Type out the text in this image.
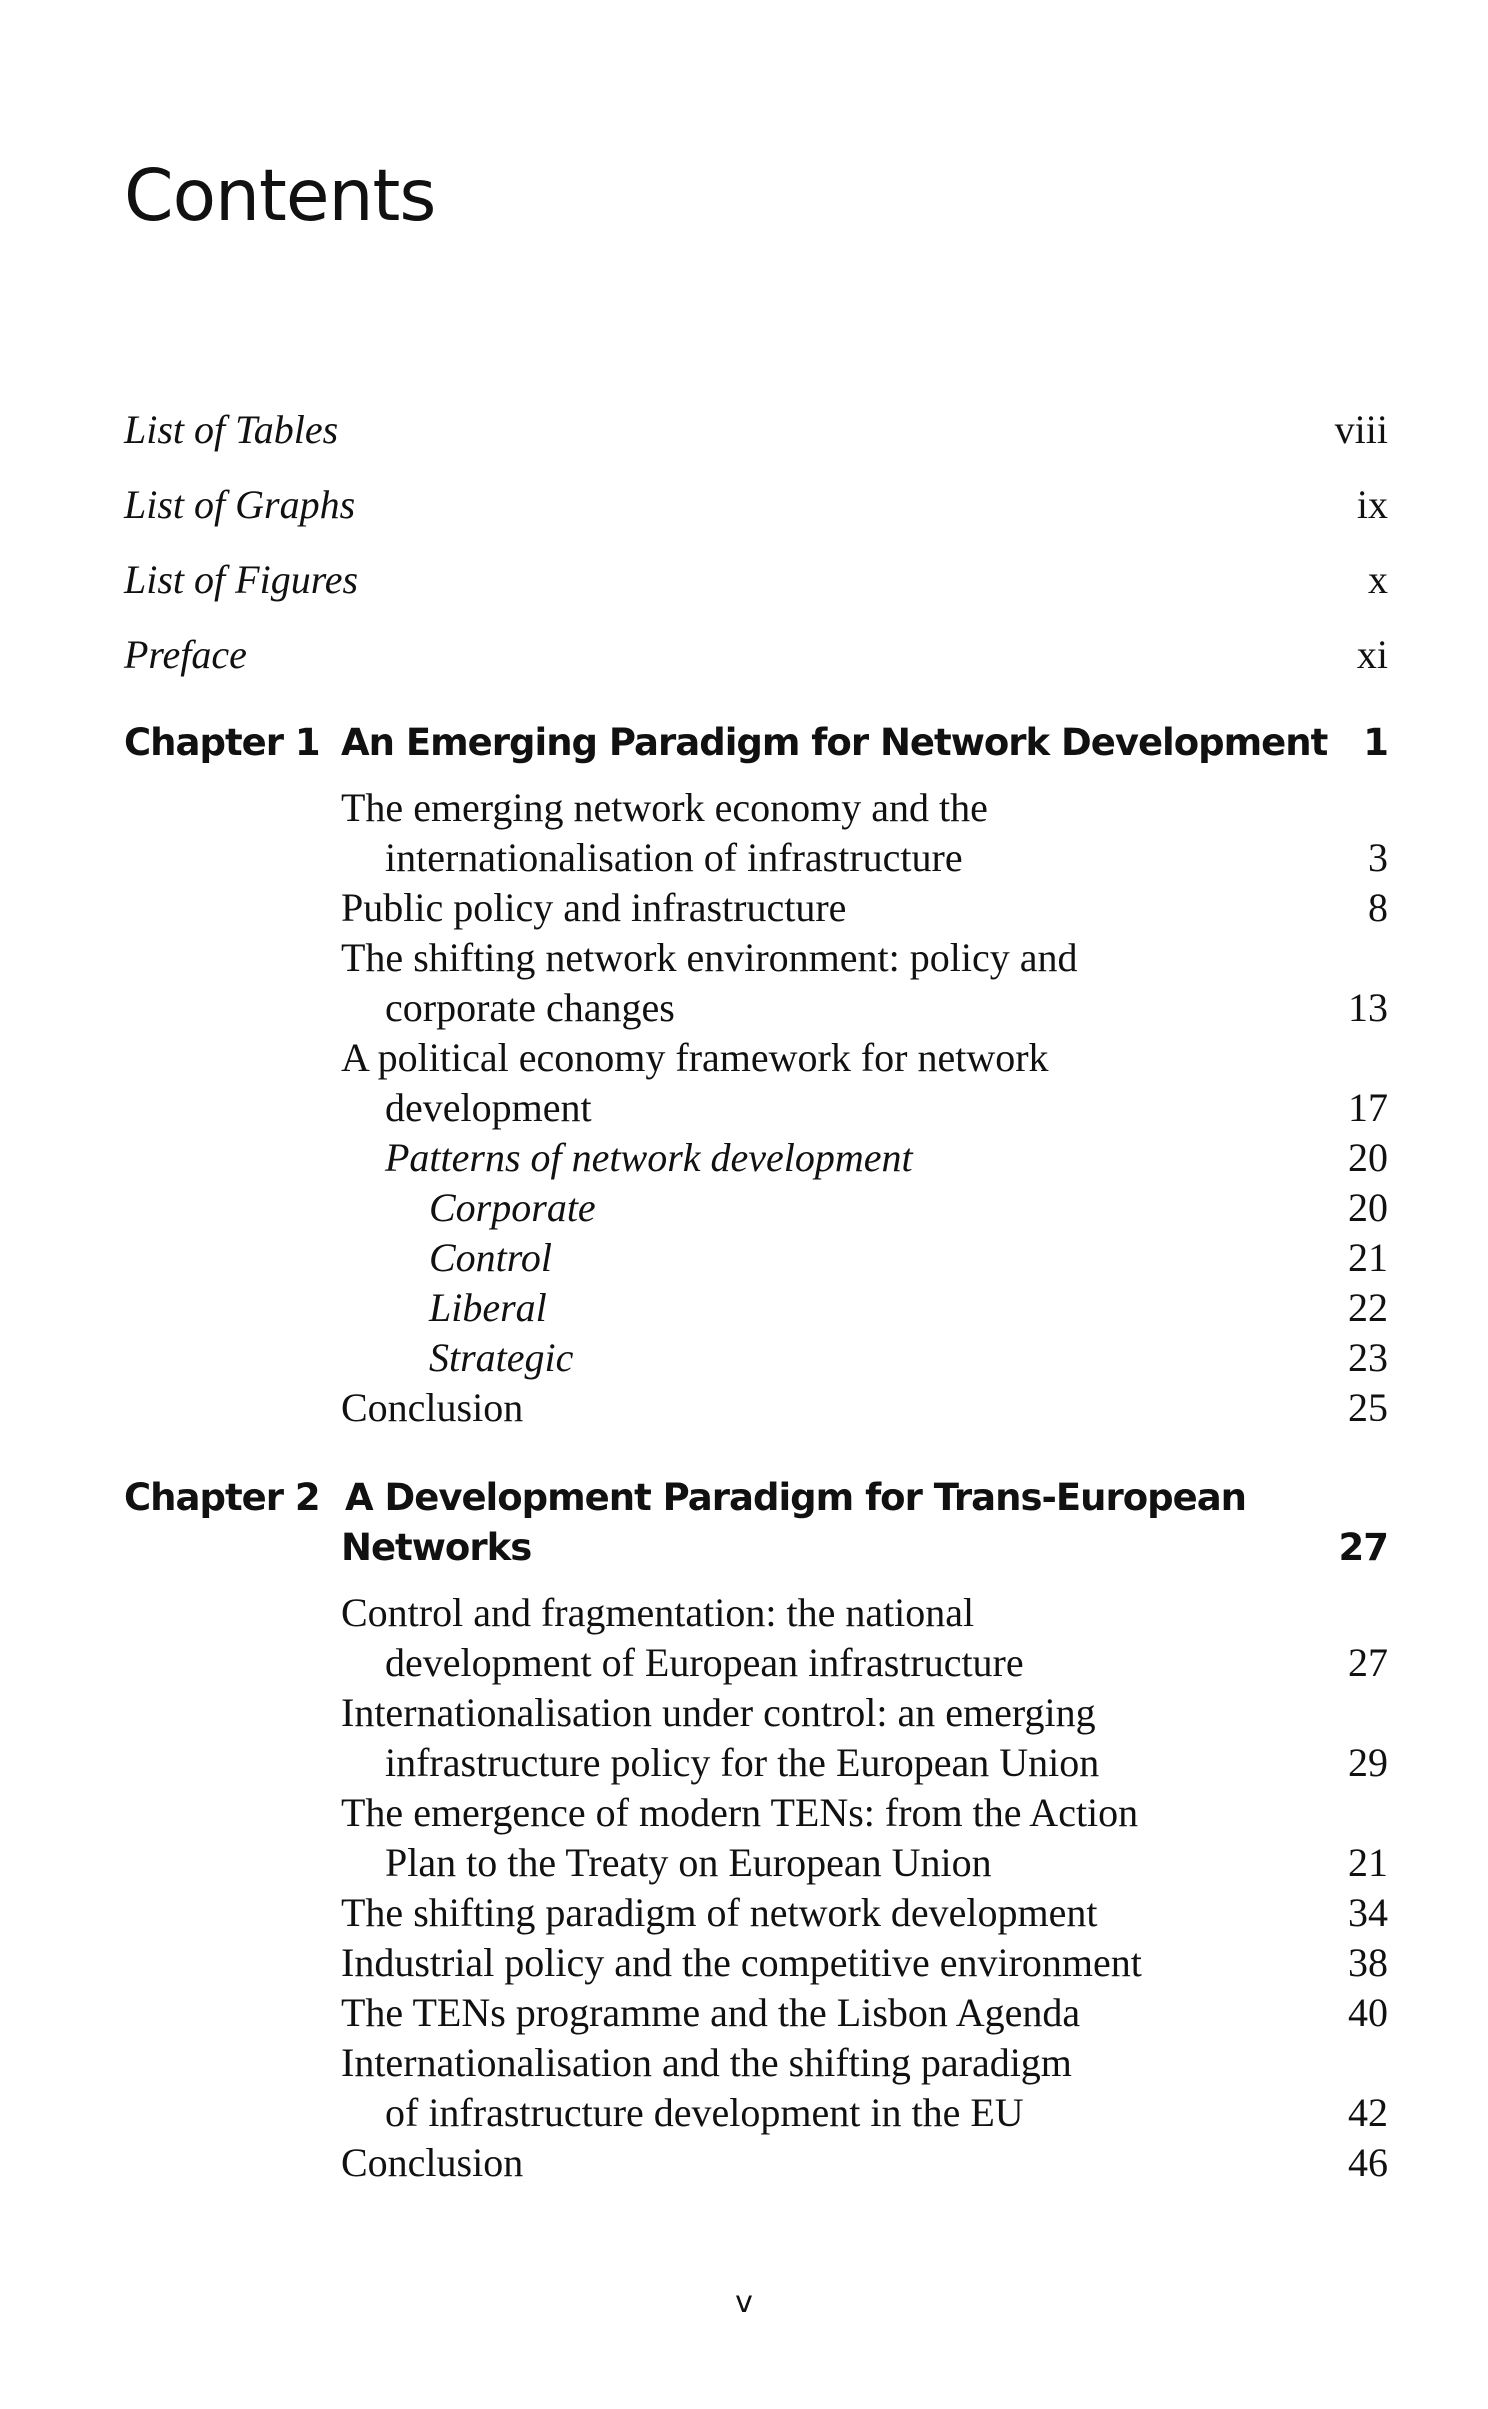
Contents
List of Tables	viii
List of Graphs	ix
List of Figures	x
Preface	xi
Chapter 1 An Emerging Paradigm for Network Development 1
The emerging network economy and the
internationalisation of infrastructure	3
Public policy and infrastructure	8
The shifting network environment: policy and
corporate changes	13
A political economy framework for network
development	17
Patterns of network development	20
Corporate	20
Control	21
Liberal	22
Strategic	23
Conclusion	25
Chapter 2 A Development Paradigm for Trans-European
Networks	27
Control and fragmentation: the national
development of European infrastructure	27
Internationalisation under control: an emerging
infrastructure policy for the European Union	29
The emergence of modern TENs: from the Action
Plan to the Treaty on European Union	21
The shifting paradigm of network development	34
Industrial policy and the competitive environment	38
The TENs programme and the Lisbon Agenda	40
Internationalisation and the shifting paradigm
of infrastructure development in the EU	42
Conclusion	46
v
